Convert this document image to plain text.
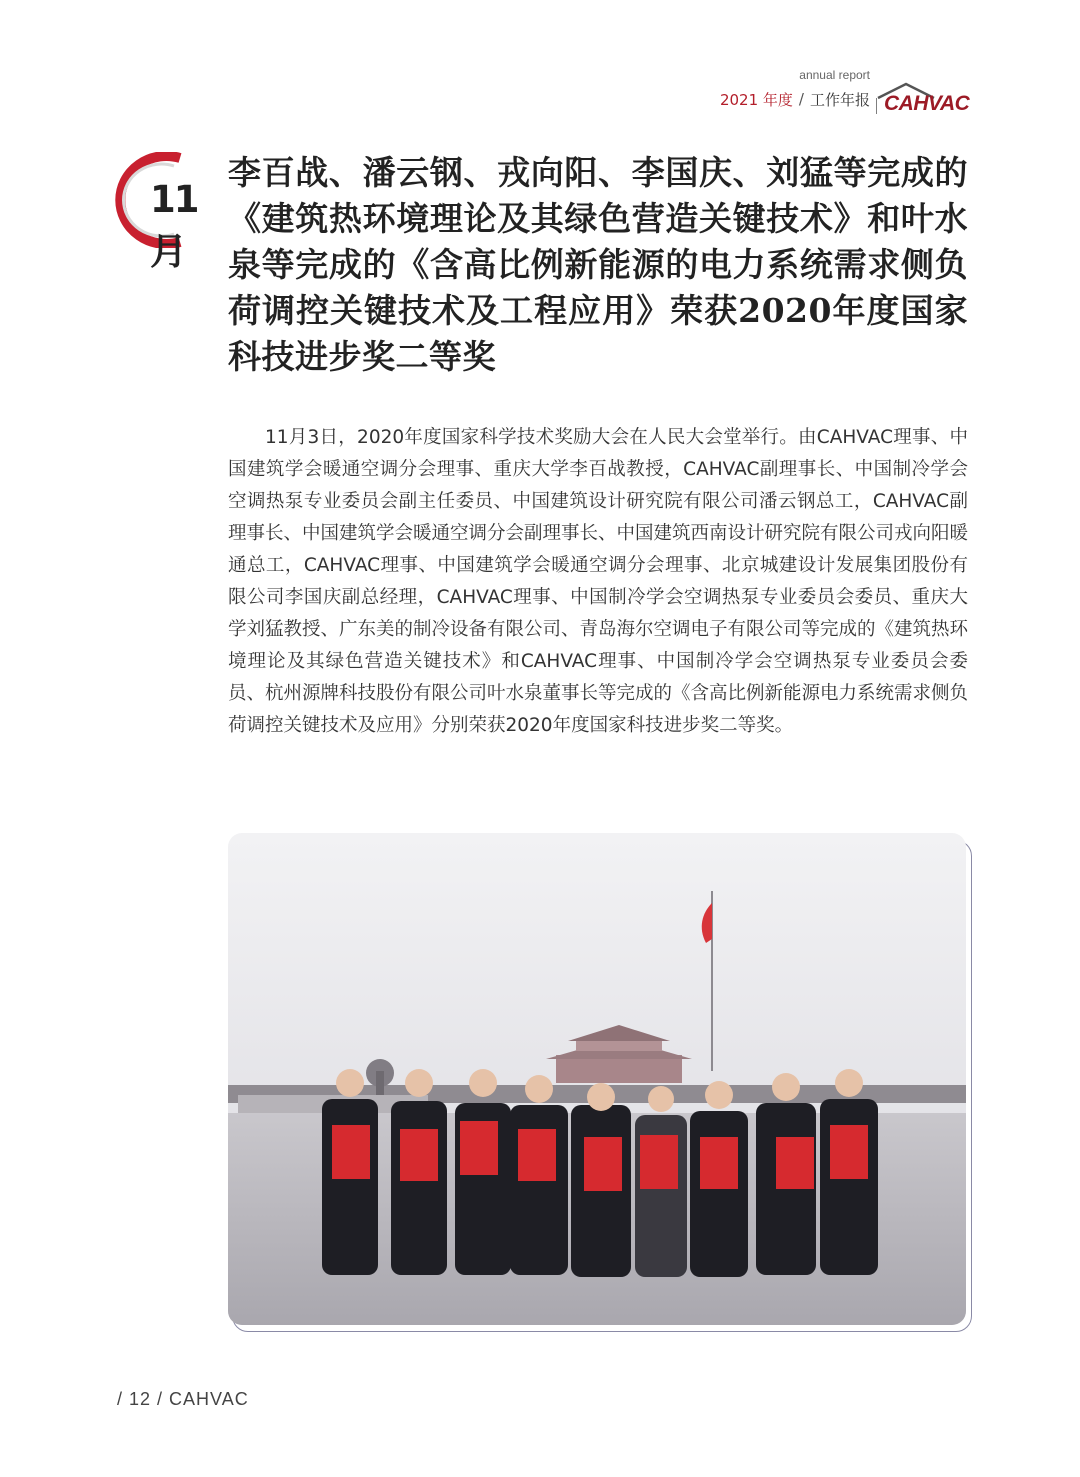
annual report
2021 年度 / 工作年报 CAHVAC
11月
李百战、潘云钢、戎向阳、李国庆、刘猛等完成的《建筑热环境理论及其绿色营造关键技术》和叶水泉等完成的《含高比例新能源的电力系统需求侧负荷调控关键技术及工程应用》荣获2020年度国家科技进步奖二等奖

11月3日，2020年度国家科学技术奖励大会在人民大会堂举行。由CAHVAC理事、中国建筑学会暖通空调分会理事、重庆大学李百战教授，CAHVAC副理事长、中国制冷学会空调热泵专业委员会副主任委员、中国建筑设计研究院有限公司潘云钢总工，CAHVAC副理事长、中国建筑学会暖通空调分会副理事长、中国建筑西南设计研究院有限公司戎向阳暖通总工，CAHVAC理事、中国建筑学会暖通空调分会理事、北京城建设计发展集团股份有限公司李国庆副总经理，CAHVAC理事、中国制冷学会空调热泵专业委员会委员、重庆大学刘猛教授、广东美的制冷设备有限公司、青岛海尔空调电子有限公司等完成的《建筑热环境理论及其绿色营造关键技术》和CAHVAC理事、中国制冷学会空调热泵专业委员会委员、杭州源牌科技股份有限公司叶水泉董事长等完成的《含高比例新能源电力系统需求侧负荷调控关键技术及应用》分别荣获2020年度国家科技进步奖二等奖。

/ 12 / CAHVAC
